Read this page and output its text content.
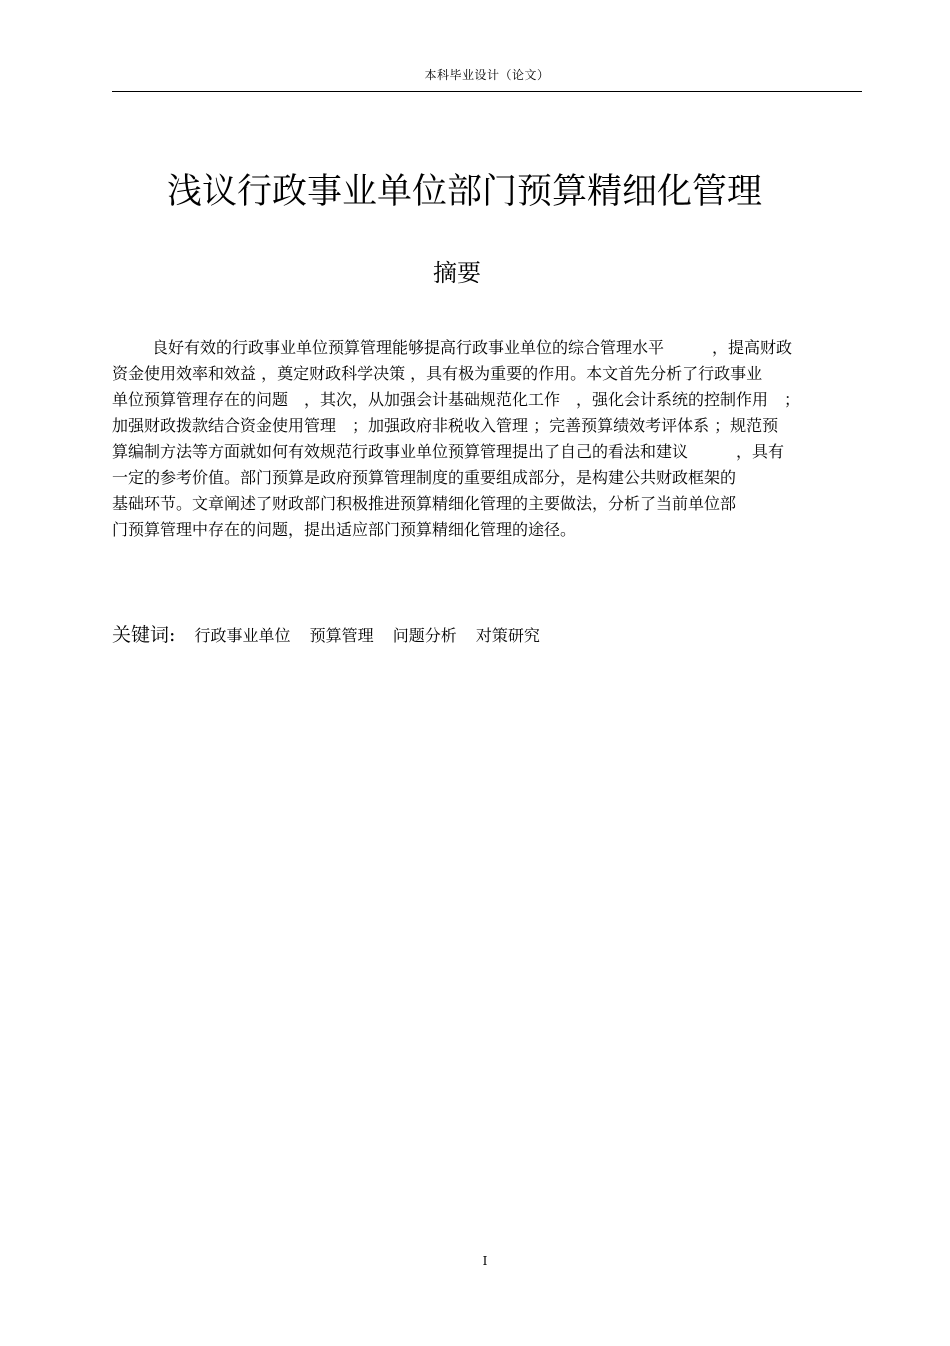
本科毕业设计（论文）
浅议行政事业单位部门预算精细化管理
摘要
良好有效的行政事业单位预算管理能够提高行政事业单位的综合管理水平　　　，提高财政
资金使用效率和效益 ，奠定财政科学决策 ，具有极为重要的作用。本文首先分析了行政事业
单位预算管理存在的问题　，其次，从加强会计基础规范化工作　，强化会计系统的控制作用　；
加强财政拨款结合资金使用管理　；加强政府非税收入管理 ；完善预算绩效考评体系 ；规范预
算编制方法等方面就如何有效规范行政事业单位预算管理提出了自己的看法和建议　　　，具有
一定的参考价值。部门预算是政府预算管理制度的重要组成部分，是构建公共财政框架的
基础环节。文章阐述了财政部门积极推进预算精细化管理的主要做法，分析了当前单位部
门预算管理中存在的问题，提出适应部门预算精细化管理的途径。
关键词: 行政事业单位 预算管理 问题分析 对策研究
I
